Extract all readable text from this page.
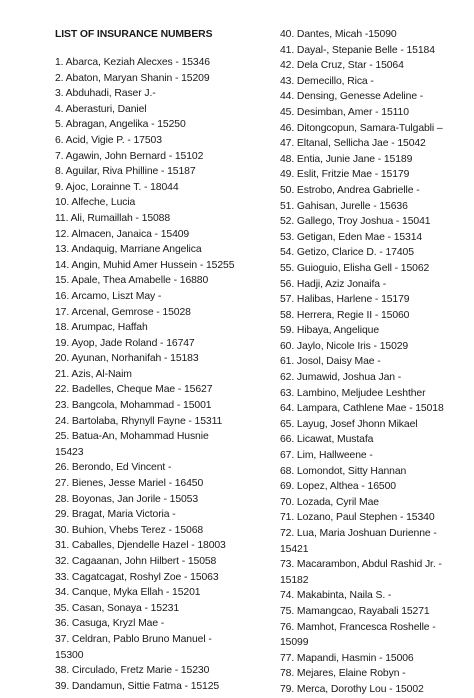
LIST OF INSURANCE NUMBERS
1. Abarca, Keziah Alecxes - 15346
2. Abaton, Maryan Shanin - 15209
3. Abduhadi, Raser J.-
4. Aberasturi, Daniel
5. Abragan, Angelika - 15250
6. Acid, Vigie P. - 17503
7. Agawin, John Bernard - 15102
8. Aguilar, Riva Philline - 15187
9. Ajoc, Lorainne T. - 18044
10. Alfeche, Lucia
11. Ali, Rumaillah - 15088
12. Almacen, Janaica - 15409
13. Andaquig, Marriane Angelica
14. Angin, Muhid Amer Hussein - 15255
15. Apale, Thea Amabelle - 16880
16. Arcamo, Liszt May -
17. Arcenal, Gemrose - 15028
18. Arumpac, Haffah
19. Ayop, Jade Roland - 16747
20. Ayunan, Norhanifah - 15183
21. Azis, Al-Naim
22. Badelles, Cheque Mae - 15627
23. Bangcola, Mohammad - 15001
24. Bartolaba, Rhynyll Fayne - 15311
25. Batua-An, Mohammad Husnie
15423
26. Berondo, Ed Vincent -
27. Bienes, Jesse Mariel - 16450
28. Boyonas, Jan Jorile - 15053
29. Bragat, Maria Victoria -
30. Buhion, Vhebs Terez - 15068
31. Caballes, Djendelle Hazel - 18003
32. Cagaanan, John Hilbert - 15058
33. Cagatcagat, Roshyl Zoe - 15063
34. Canque, Myka Ellah - 15201
35. Casan, Sonaya - 15231
36. Casuga, Kryzl Mae -
37. Celdran, Pablo Bruno Manuel -
15300
38. Circulado, Fretz Marie - 15230
39. Dandamun, Sittie Fatma - 15125
40. Dantes, Micah -15090
41. Dayal-, Stepanie Belle - 15184
42. Dela Cruz, Star - 15064
43. Demecillo, Rica -
44. Densing, Genesse Adeline -
45. Desimban, Amer - 15110
46. Ditongcopun, Samara-Tulgabli –
47. Eltanal, Sellicha Jae - 15042
48. Entia, Junie Jane - 15189
49. Eslit, Fritzie Mae - 15179
50. Estrobo, Andrea Gabrielle -
51. Gahisan, Jurelle - 15636
52. Gallego, Troy Joshua - 15041
53. Getigan, Eden Mae - 15314
54. Getizo, Clarice D. - 17405
55. Guioguio, Elisha Gell - 15062
56. Hadji, Aziz Jonaifa -
57. Halibas, Harlene - 15179
58. Herrera, Regie II - 15060
59. Hibaya, Angelique
60. Jaylo, Nicole Iris - 15029
61. Josol, Daisy Mae -
62. Jumawid, Joshua Jan -
63. Lambino, Meljudee Leshther
64. Lampara, Cathlene Mae - 15018
65. Layug, Josef Jhonn Mikael
66. Licawat, Mustafa
67. Lim, Hallweene -
68. Lomondot, Sitty Hannan
69. Lopez, Althea - 16500
70. Lozada, Cyril Mae
71. Lozano, Paul Stephen - 15340
72. Lua, Maria Joshuan Durienne -
15421
73. Macarambon, Abdul Rashid Jr. -
15182
74. Makabinta, Naila S. -
75. Mamangcao, Rayabali 15271
76. Mamhot, Francesca Roshelle -
15099
77. Mapandi, Hasmin - 15006
78. Mejares, Elaine Robyn -
79. Merca, Dorothy Lou - 15002
